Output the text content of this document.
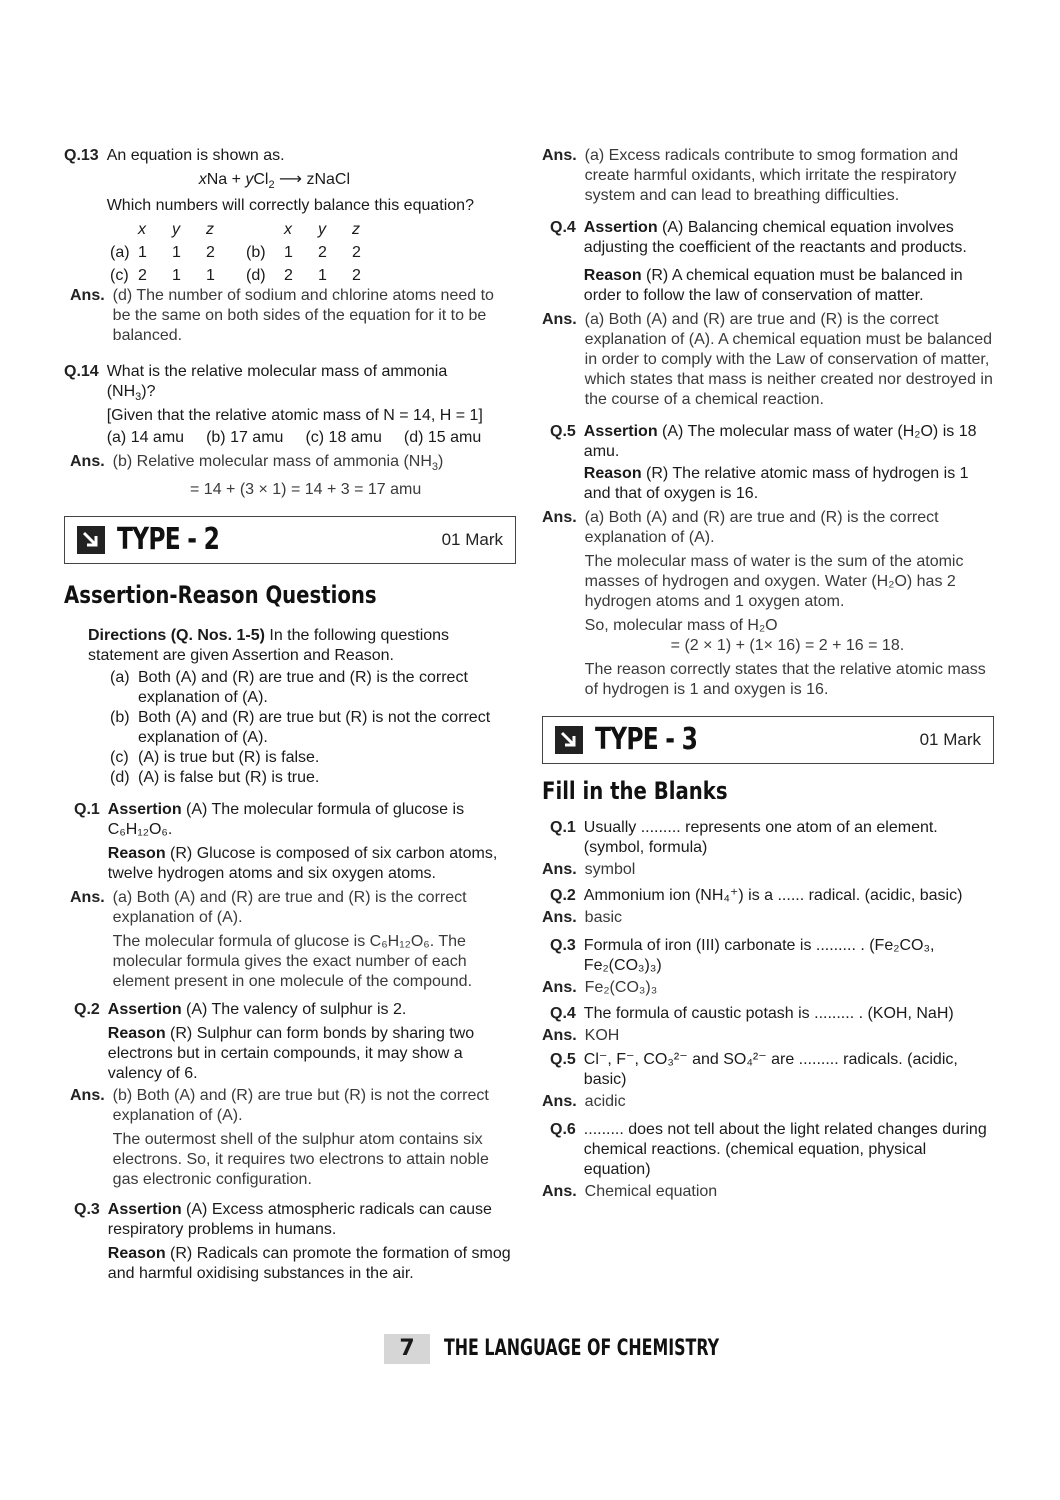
Q.13 An equation is shown as.
xNa + yCl$_2$ ⟶ zNaCl
Which numbers will correctly balance this equation?
x	y	z	x	y	z
(a) 1	1	2	(b)	1	2	2
(c) 2	1	1	(d)	2	1	2
Ans. (d) The number of sodium and chlorine atoms need to be the same on both sides of the equation for it to be balanced.
Q.14 What is the relative molecular mass of ammonia
$(NH_3)$?
[Given that the relative atomic mass of N = 14, H = 1]
(a) 14 amu (b) 17 amu (c) 18 amu (d) 15 amu
Ans. (b) Relative molecular mass of ammonia $(NH_3)$
= 14 + (3 × 1) = 14 + 3 = 17 amu
TYPE - 2	01 Mark
Assertion-Reason Questions
Directions (Q. Nos. 1-5) In the following questions statement are given Assertion and Reason.
(a) Both (A) and (R) are true and (R) is the correct explanation of (A).
(b) Both (A) and (R) are true but (R) is not the correct explanation of (A).
(c) (A) is true but (R) is false.
(d) (A) is false but (R) is true.
Q.1 Assertion (A) The molecular formula of glucose is
C₆H₁₂O₆.
Reason (R) Glucose is composed of six carbon atoms, twelve hydrogen atoms and six oxygen atoms.
Ans. (a) Both (A) and (R) are true and (R) is the correct explanation of (A).
The molecular formula of glucose is C₆H₁₂O₆. The molecular formula gives the exact number of each element present in one molecule of the compound.
Q.2 Assertion (A) The valency of sulphur is 2.
Reason (R) Sulphur can form bonds by sharing two electrons but in certain compounds, it may show a valency of 6.
Ans. (b) Both (A) and (R) are true but (R) is not the correct explanation of (A).
The outermost shell of the sulphur atom contains six electrons. So, it requires two electrons to attain noble gas electronic configuration.
Q.3 Assertion (A) Excess atmospheric radicals can cause respiratory problems in humans.
Reason (R) Radicals can promote the formation of smog and harmful oxidising substances in the air.
Ans. (a) Excess radicals contribute to smog formation and create harmful oxidants, which irritate the respiratory system and can lead to breathing difficulties.
Q.4 Assertion (A) Balancing chemical equation involves adjusting the coefficient of the reactants and products.
Reason (R) A chemical equation must be balanced in order to follow the law of conservation of matter.
Ans. (a) Both (A) and (R) are true and (R) is the correct explanation of (A). A chemical equation must be balanced in order to comply with the Law of conservation of matter, which states that mass is neither created nor destroyed in the course of a chemical reaction.
Q.5 Assertion (A) The molecular mass of water (H₂O) is 18 amu.
Reason (R) The relative atomic mass of hydrogen is 1 and that of oxygen is 16.
Ans. (a) Both (A) and (R) are true and (R) is the correct explanation of (A).
The molecular mass of water is the sum of the atomic masses of hydrogen and oxygen. Water (H₂O) has 2 hydrogen atoms and 1 oxygen atom.
So, molecular mass of H₂O
= (2 × 1) + (1× 16) = 2 + 16 = 18.
The reason correctly states that the relative atomic mass of hydrogen is 1 and oxygen is 16.
TYPE - 3	01 Mark
Fill in the Blanks
Q.1 Usually ......... represents one atom of an element. (symbol, formula)
Ans. symbol
Q.2 Ammonium ion (NH₄⁺) is a ...... radical. (acidic, basic)
Ans. basic
Q.3 Formula of iron (III) carbonate is ......... . (Fe₂CO₃, Fe₂(CO₃)₃)
Ans. Fe₂(CO₃)₃
Q.4 The formula of caustic potash is ......... . (KOH, NaH)
Ans. KOH
Q.5 Cl⁻, F⁻, CO₃²⁻ and SO₄²⁻ are ......... radicals. (acidic, basic)
Ans. acidic
Q.6 ......... does not tell about the light related changes during chemical reactions. (chemical equation, physical equation)
Ans. Chemical equation
7	THE LANGUAGE OF CHEMISTRY
